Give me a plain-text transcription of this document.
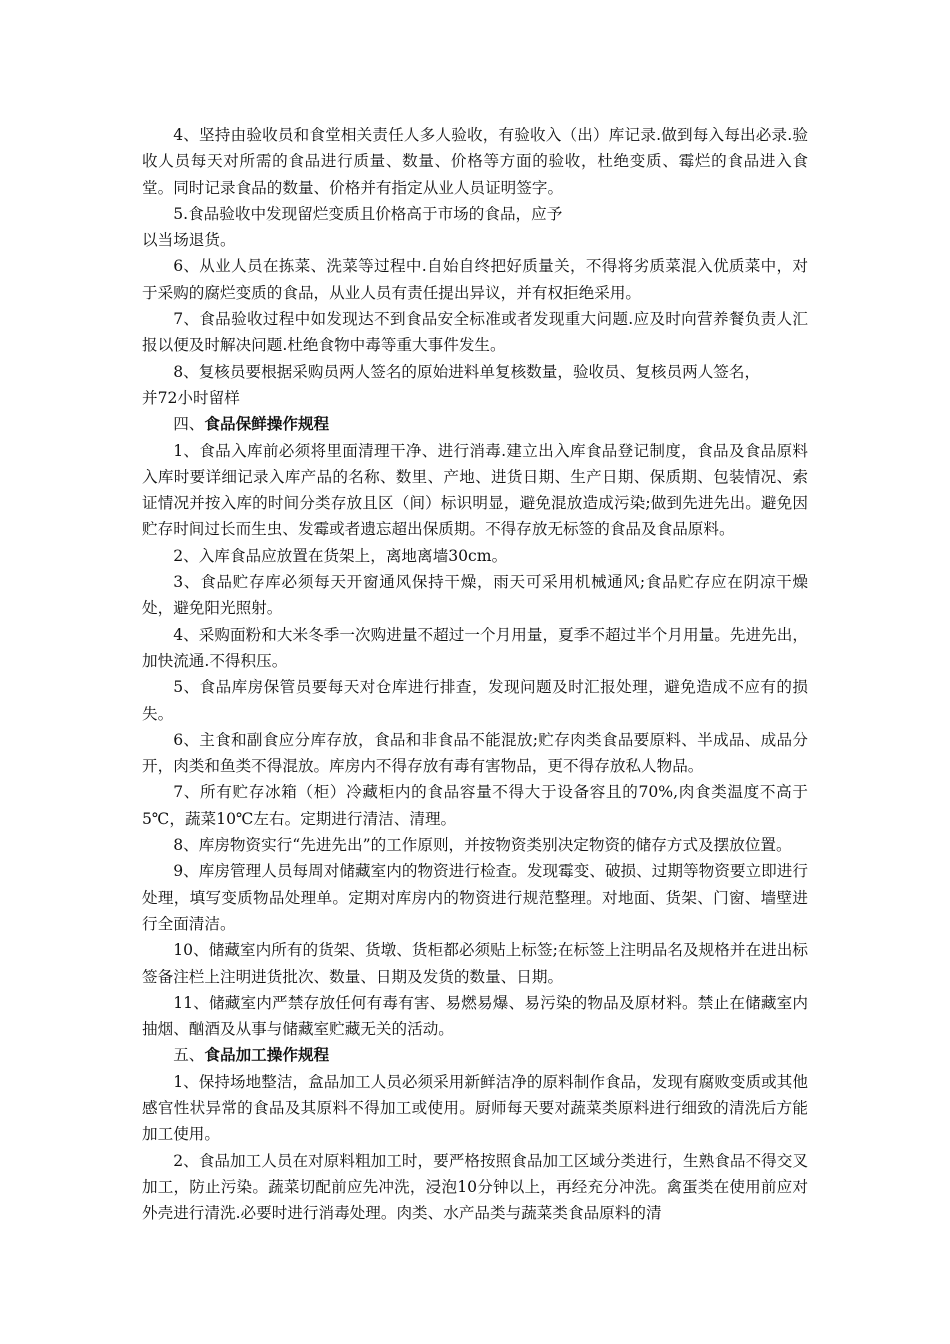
4、坚持由验收员和食堂相关责任人多人验收，有验收入（出）库记录.做到每入每出必录.验收人员每天对所需的食品进行质量、数量、价格等方面的验收，杜绝变质、霉烂的食品进入食堂。同时记录食品的数量、价格并有指定从业人员证明签字。

5.食品验收中发现留烂变质且价格高于市场的食品，应予

以当场退货。

6、从业人员在拣菜、洗菜等过程中.自始自终把好质量关，不得将劣质菜混入优质菜中，对于采购的腐烂变质的食品，从业人员有责任提出异议，并有权拒绝采用。

7、食品验收过程中如发现达不到食品安全标准或者发现重大问题.应及时向营养餐负责人汇报以便及时解决问题.杜绝食物中毒等重大事件发生。

8、复核员要根据采购员两人签名的原始进料单复核数量，验收员、复核员两人签名，

并72小时留样

四、食品保鲜操作规程

1、食品入库前必须将里面清理干净、进行消毒.建立出入库食品登记制度，食品及食品原料入库时要详细记录入库产品的名称、数里、产地、进货日期、生产日期、保质期、包装情况、索证情况并按入库的时间分类存放且区（间）标识明显，避免混放造成污染;做到先进先出。避免因贮存时间过长而生虫、发霉或者遗忘超出保质期。不得存放无标签的食品及食品原料。

2、入库食品应放置在货架上，离地离墙30cm。

3、食品贮存库必须每天开窗通风保持干燥，雨天可采用机械通风;食品贮存应在阴凉干燥处，避免阳光照射。

4、采购面粉和大米冬季一次购进量不超过一个月用量，夏季不超过半个月用量。先进先出，加快流通.不得积压。

5、食品库房保管员要每天对仓库进行排查，发现问题及时汇报处理，避免造成不应有的损失。

6、主食和副食应分库存放，食品和非食品不能混放;贮存肉类食品要原料、半成品、成品分开，肉类和鱼类不得混放。库房内不得存放有毒有害物品，更不得存放私人物品。

7、所有贮存冰箱（柜）冷藏柜内的食品容量不得大于设备容且的70%,肉食类温度不高于5℃，蔬菜10℃左右。定期进行清洁、清理。

8、库房物资实行“先进先出”的工作原则，并按物资类别决定物资的储存方式及摆放位置。

9、库房管理人员每周对储藏室内的物资进行检查。发现霉变、破损、过期等物资要立即进行处理，填写变质物品处理单。定期对库房内的物资进行规范整理。对地面、货架、门窗、墙壁进行全面清洁。

10、储藏室内所有的货架、货墩、货柜都必须贴上标签;在标签上注明品名及规格并在进出标签备注栏上注明进货批次、数量、日期及发货的数量、日期。

11、储藏室内严禁存放任何有毒有害、易燃易爆、易污染的物品及原材料。禁止在储藏室内抽烟、酗酒及从事与储藏室贮藏无关的活动。

五、食品加工操作规程

1、保持场地整洁，盒品加工人员必须采用新鲜洁净的原料制作食品，发现有腐败变质或其他感官性状异常的食品及其原料不得加工或使用。厨师每天要对蔬菜类原料进行细致的清洗后方能加工使用。

2、食品加工人员在对原料粗加工时，要严格按照食品加工区域分类进行，生熟食品不得交叉加工，防止污染。蔬菜切配前应先冲洗，浸泡10分钟以上，再经充分冲洗。禽蛋类在使用前应对外壳进行清洗.必要时进行消毒处理。肉类、水产品类与蔬菜类食品原料的清
